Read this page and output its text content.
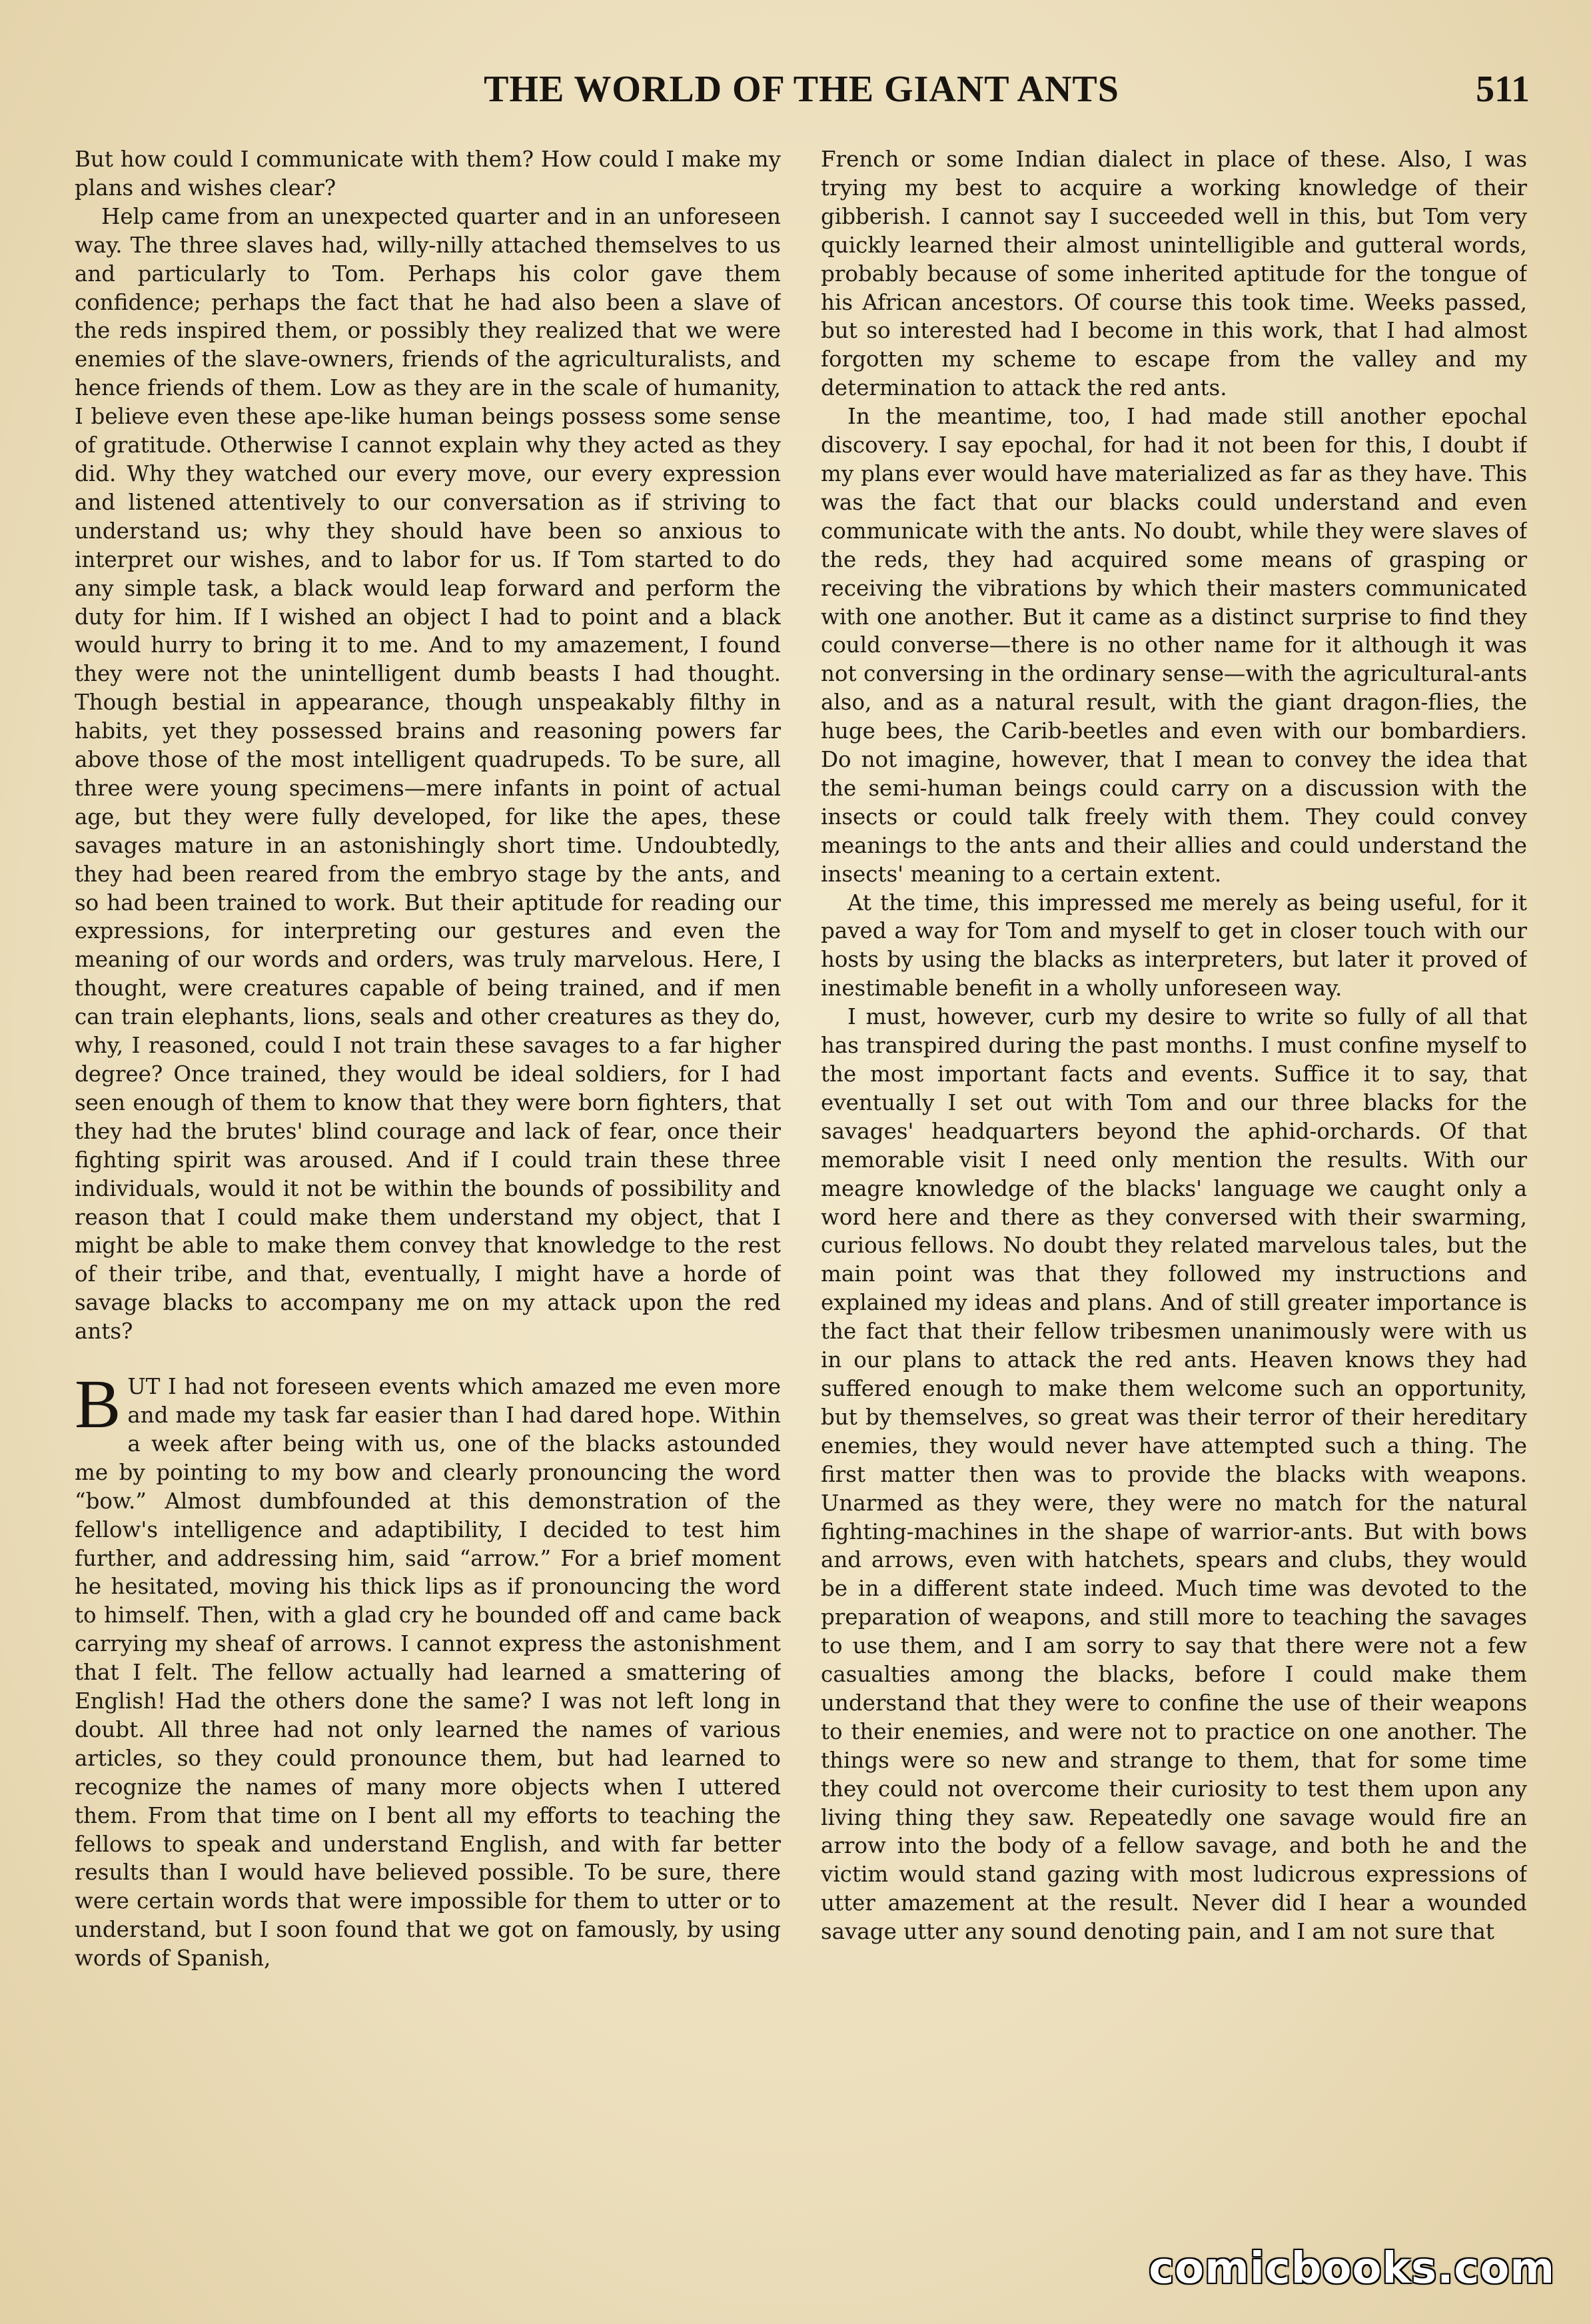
THE WORLD OF THE GIANT ANTS	511

But how could I communicate with them? How could I make my plans and wishes clear?

Help came from an unexpected quarter and in an unforeseen way. The three slaves had, willy-nilly attached themselves to us and particularly to Tom. Perhaps his color gave them confidence; perhaps the fact that he had also been a slave of the reds inspired them, or possibly they realized that we were enemies of the slave-owners, friends of the agriculturalists, and hence friends of them. Low as they are in the scale of humanity, I believe even these ape-like human beings possess some sense of gratitude. Otherwise I cannot explain why they acted as they did. Why they watched our every move, our every expression and listened attentively to our conversation as if striving to understand us; why they should have been so anxious to interpret our wishes, and to labor for us. If Tom started to do any simple task, a black would leap forward and perform the duty for him. If I wished an object I had to point and a black would hurry to bring it to me. And to my amazement, I found they were not the unintelligent dumb beasts I had thought. Though bestial in appearance, though unspeakably filthy in habits, yet they possessed brains and reasoning powers far above those of the most intelligent quadrupeds. To be sure, all three were young specimens—mere infants in point of actual age, but they were fully developed, for like the apes, these savages mature in an astonishingly short time. Undoubtedly, they had been reared from the embryo stage by the ants, and so had been trained to work. But their aptitude for reading our expressions, for interpreting our gestures and even the meaning of our words and orders, was truly marvelous. Here, I thought, were creatures capable of being trained, and if men can train elephants, lions, seals and other creatures as they do, why, I reasoned, could I not train these savages to a far higher degree? Once trained, they would be ideal soldiers, for I had seen enough of them to know that they were born fighters, that they had the brutes' blind courage and lack of fear, once their fighting spirit was aroused. And if I could train these three individuals, would it not be within the bounds of possibility and reason that I could make them understand my object, that I might be able to make them convey that knowledge to the rest of their tribe, and that, eventually, I might have a horde of savage blacks to accompany me on my attack upon the red ants?

BUT I had not foreseen events which amazed me even more and made my task far easier than I had dared hope. Within a week after being with us, one of the blacks astounded me by pointing to my bow and clearly pronouncing the word “bow.” Almost dumbfounded at this demonstration of the fellow's intelligence and adaptibility, I decided to test him further, and addressing him, said “arrow.” For a brief moment he hesitated, moving his thick lips as if pronouncing the word to himself. Then, with a glad cry he bounded off and came back carrying my sheaf of arrows. I cannot express the astonishment that I felt. The fellow actually had learned a smattering of English! Had the others done the same? I was not left long in doubt. All three had not only learned the names of various articles, so they could pronounce them, but had learned to recognize the names of many more objects when I uttered them. From that time on I bent all my efforts to teaching the fellows to speak and understand English, and with far better results than I would have believed possible. To be sure, there were certain words that were impossible for them to utter or to understand, but I soon found that we got on famously, by using words of Spanish,

French or some Indian dialect in place of these. Also, I was trying my best to acquire a working knowledge of their gibberish. I cannot say I succeeded well in this, but Tom very quickly learned their almost unintelligible and gutteral words, probably because of some inherited aptitude for the tongue of his African ancestors. Of course this took time. Weeks passed, but so interested had I become in this work, that I had almost forgotten my scheme to escape from the valley and my determination to attack the red ants.

In the meantime, too, I had made still another epochal discovery. I say epochal, for had it not been for this, I doubt if my plans ever would have materialized as far as they have. This was the fact that our blacks could understand and even communicate with the ants. No doubt, while they were slaves of the reds, they had acquired some means of grasping or receiving the vibrations by which their masters communicated with one another. But it came as a distinct surprise to find they could converse—there is no other name for it although it was not conversing in the ordinary sense—with the agricultural-ants also, and as a natural result, with the giant dragon-flies, the huge bees, the Carib-beetles and even with our bombardiers. Do not imagine, however, that I mean to convey the idea that the semi-human beings could carry on a discussion with the insects or could talk freely with them. They could convey meanings to the ants and their allies and could understand the insects' meaning to a certain extent.

At the time, this impressed me merely as being useful, for it paved a way for Tom and myself to get in closer touch with our hosts by using the blacks as interpreters, but later it proved of inestimable benefit in a wholly unforeseen way.

I must, however, curb my desire to write so fully of all that has transpired during the past months. I must confine myself to the most important facts and events. Suffice it to say, that eventually I set out with Tom and our three blacks for the savages' headquarters beyond the aphid-orchards. Of that memorable visit I need only mention the results. With our meagre knowledge of the blacks' language we caught only a word here and there as they conversed with their swarming, curious fellows. No doubt they related marvelous tales, but the main point was that they followed my instructions and explained my ideas and plans. And of still greater importance is the fact that their fellow tribesmen unanimously were with us in our plans to attack the red ants. Heaven knows they had suffered enough to make them welcome such an opportunity, but by themselves, so great was their terror of their hereditary enemies, they would never have attempted such a thing. The first matter then was to provide the blacks with weapons. Unarmed as they were, they were no match for the natural fighting-machines in the shape of warrior-ants. But with bows and arrows, even with hatchets, spears and clubs, they would be in a different state indeed. Much time was devoted to the preparation of weapons, and still more to teaching the savages to use them, and I am sorry to say that there were not a few casualties among the blacks, before I could make them understand that they were to confine the use of their weapons to their enemies, and were not to practice on one another. The things were so new and strange to them, that for some time they could not overcome their curiosity to test them upon any living thing they saw. Repeatedly one savage would fire an arrow into the body of a fellow savage, and both he and the victim would stand gazing with most ludicrous expressions of utter amazement at the result. Never did I hear a wounded savage utter any sound denoting pain, and I am not sure that

comicbooks.com
